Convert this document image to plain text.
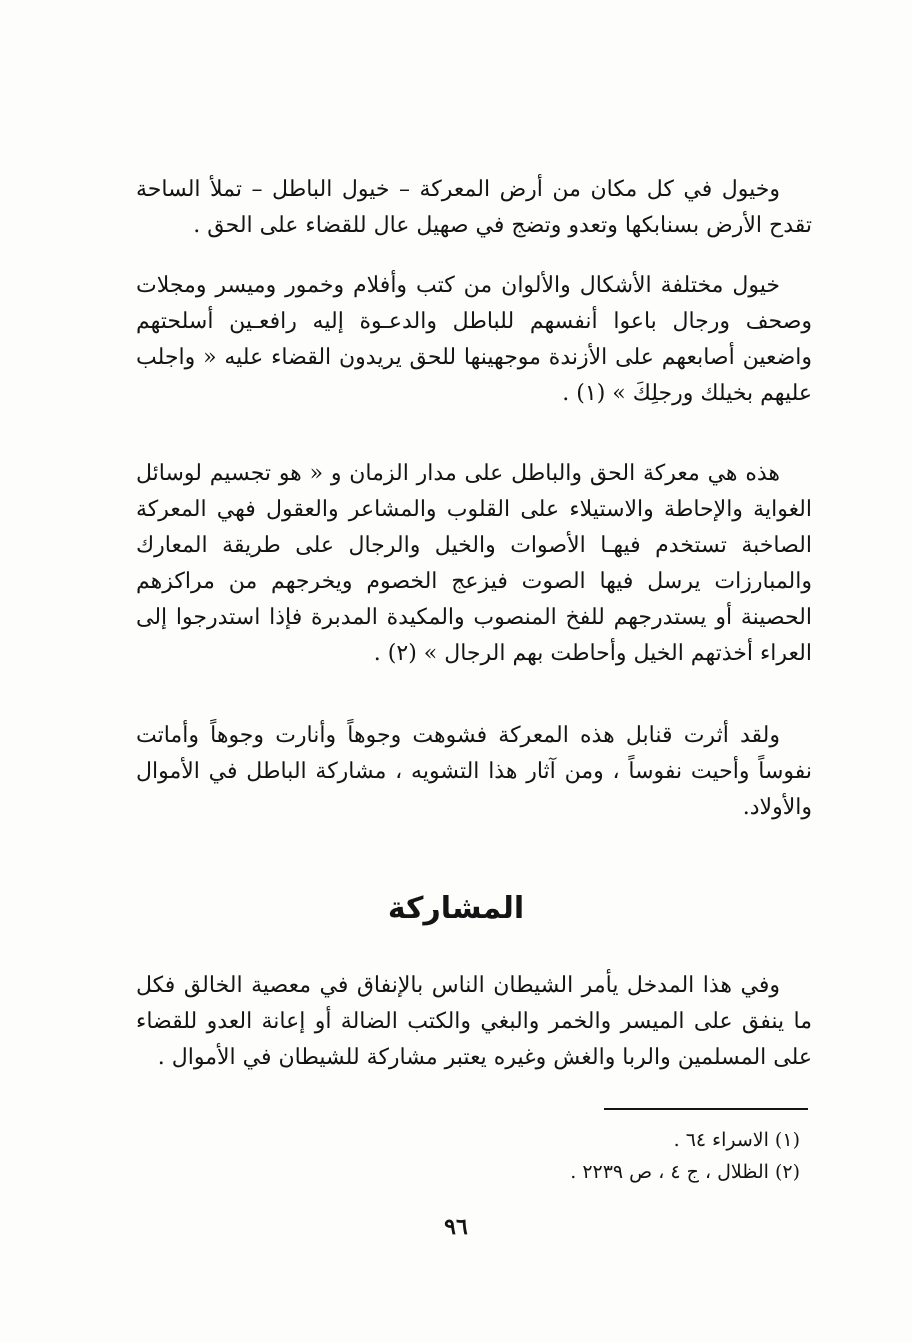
وخيول في كل مكان من أرض المعركة – خيول الباطل – تملأ الساحة تقدح الأرض بسنابكها وتعدو وتضج في صهيل عال للقضاء على الحق .

خيول مختلفة الأشكال والألوان من كتب وأفلام وخمور وميسر ومجلات وصحف ورجال باعوا أنفسهم للباطل والدعـوة إليه رافعـين أسلحتهم واضعين أصابعهم على الأزندة موجهينها للحق يريدون القضاء عليه « واجلب عليهم بخيلك ورجلِكَ » (١) .

هذه هي معركة الحق والباطل على مدار الزمان و « هو تجسيم لوسائل الغواية والإحاطة والاستيلاء على القلوب والمشاعر والعقول فهي المعركة الصاخبة تستخدم فيهـا الأصوات والخيل والرجال على طريقة المعارك والمبارزات يرسل فيها الصوت فيزعج الخصوم ويخرجهم من مراكزهم الحصينة أو يستدرجهم للفخ المنصوب والمكيدة المدبرة فإذا استدرجوا إلى العراء أخذتهم الخيل وأحاطت بهم الرجال » (٢) .

ولقد أثرت قنابل هذه المعركة فشوهت وجوهاً وأنارت وجوهاً وأماتت نفوساً وأحيت نفوساً ، ومن آثار هذا التشويه ، مشاركة الباطل في الأموال والأولاد.

المشاركة

وفي هذا المدخل يأمر الشيطان الناس بالإنفاق في معصية الخالق فكل ما ينفق على الميسر والخمر والبغي والكتب الضالة أو إعانة العدو للقضاء على المسلمين والربا والغش وغيره يعتبر مشاركة للشيطان في الأموال .

(١) الاسراء ٦٤ .

(٢) الظلال ، ج ٤ ، ص ٢٢٣٩ .

٩٦
